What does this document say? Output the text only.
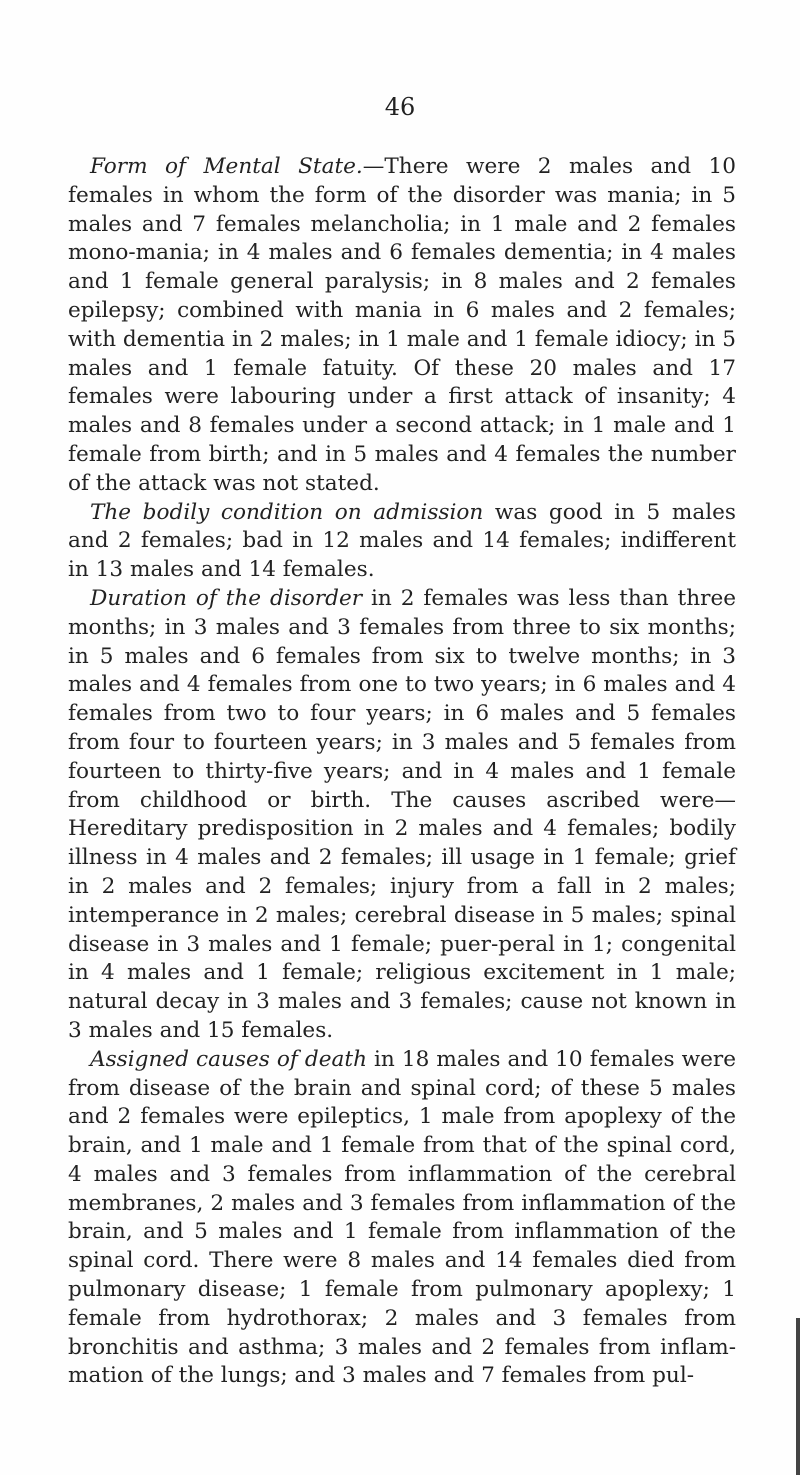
46

Form of Mental State.—There were 2 males and 10 females in whom the form of the disorder was mania; in 5 males and 7 females melancholia; in 1 male and 2 females mono-mania; in 4 males and 6 females dementia; in 4 males and 1 female general paralysis; in 8 males and 2 females epilepsy; combined with mania in 6 males and 2 females; with dementia in 2 males; in 1 male and 1 female idiocy; in 5 males and 1 female fatuity. Of these 20 males and 17 females were labouring under a first attack of insanity; 4 males and 8 females under a second attack; in 1 male and 1 female from birth; and in 5 males and 4 females the number of the attack was not stated.

The bodily condition on admission was good in 5 males and 2 females; bad in 12 males and 14 females; indifferent in 13 males and 14 females.

Duration of the disorder in 2 females was less than three months; in 3 males and 3 females from three to six months; in 5 males and 6 females from six to twelve months; in 3 males and 4 females from one to two years; in 6 males and 4 females from two to four years; in 6 males and 5 females from four to fourteen years; in 3 males and 5 females from fourteen to thirty-five years; and in 4 males and 1 female from childhood or birth. The causes ascribed were—Hereditary predisposition in 2 males and 4 females; bodily illness in 4 males and 2 females; ill usage in 1 female; grief in 2 males and 2 females; injury from a fall in 2 males; intemperance in 2 males; cerebral disease in 5 males; spinal disease in 3 males and 1 female; puer-peral in 1; congenital in 4 males and 1 female; religious excitement in 1 male; natural decay in 3 males and 3 females; cause not known in 3 males and 15 females.

Assigned causes of death in 18 males and 10 females were from disease of the brain and spinal cord; of these 5 males and 2 females were epileptics, 1 male from apoplexy of the brain, and 1 male and 1 female from that of the spinal cord, 4 males and 3 females from inflammation of the cerebral membranes, 2 males and 3 females from inflammation of the brain, and 5 males and 1 female from inflammation of the spinal cord. There were 8 males and 14 females died from pulmonary disease; 1 female from pulmonary apoplexy; 1 female from hydrothorax; 2 males and 3 females from bronchitis and asthma; 3 males and 2 females from inflam-mation of the lungs; and 3 males and 7 females from pul-
